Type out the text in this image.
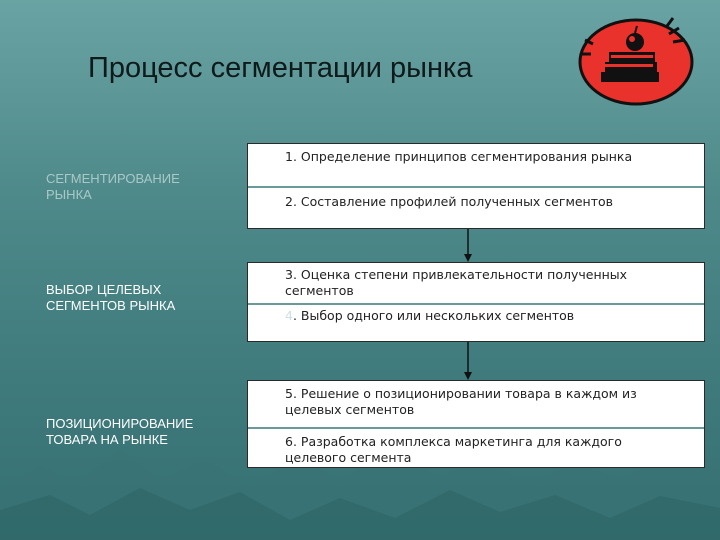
Процесс сегментации рынка
СЕГМЕНТИРОВАНИЕ
РЫНКА
ВЫБОР ЦЕЛЕВЫХ
СЕГМЕНТОВ РЫНКА
ПОЗИЦИОНИРОВАНИЕ
ТОВАРА НА РЫНКЕ
1. Определение принципов сегментирования рынка
2. Составление профилей полученных сегментов
3. Оценка степени привлекательности полученных
сегментов
4. Выбор одного или нескольких сегментов
5. Решение о позиционировании товара в каждом из
целевых сегментов
6. Разработка комплекса маркетинга для каждого
целевого сегмента
